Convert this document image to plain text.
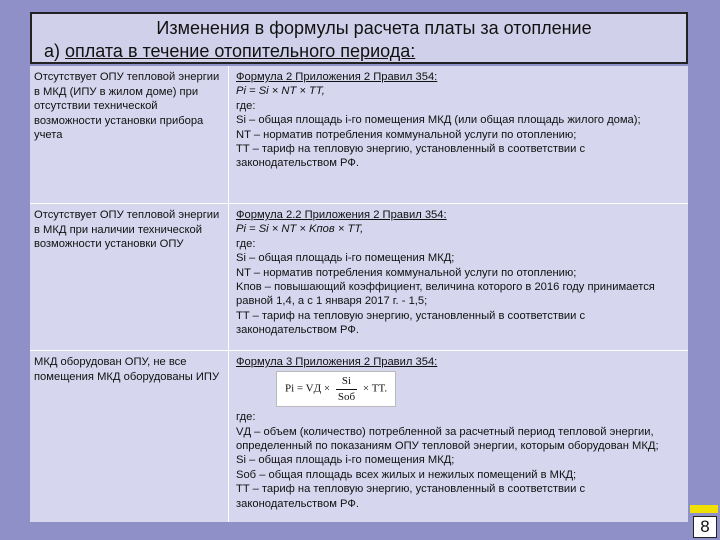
Изменения в формулы расчета платы за отопление
а) оплата в течение отопительного периода:
Отсутствует ОПУ тепловой энергии в МКД (ИПУ в жилом доме) при отсутствии технической возможности установки прибора учета

Формула 2 Приложения 2 Правил 354:

Pi = Si × NT × TT,

где:

Si – общая площадь i-го помещения МКД (или общая площадь жилого дома);

NT – норматив потребления коммунальной услуги по отоплению;

TT – тариф на тепловую энергию, установленный в соответствии с законодательством РФ.

Отсутствует ОПУ тепловой энергии в МКД при наличии технической возможности установки ОПУ

Формула 2.2 Приложения 2 Правил 354:

Pi = Si × NT × Kпов × TT,

где:

Si – общая площадь i-го помещения МКД;

NT – норматив потребления коммунальной услуги по отоплению;

Kпов – повышающий коэффициент, величина которого в 2016 году принимается равной 1,4, а с 1 января 2017 г. - 1,5;

TT – тариф на тепловую энергию, установленный в соответствии с законодательством РФ.

МКД оборудован ОПУ, не все помещения МКД оборудованы ИПУ

Формула 3 Приложения 2 Правил 354:

Pi = VД × $\frac{Si}{\text{Sоб}}$ × TT.

где:

VД – объем (количество) потребленной за расчетный период тепловой энергии, определенный по показаниям ОПУ тепловой энергии, которым оборудован МКД;

Si – общая площадь i-го помещения МКД;

Sоб – общая площадь всех жилых и нежилых помещений в МКД;

TT – тариф на тепловую энергию, установленный в соответствии с законодательством РФ.

8
